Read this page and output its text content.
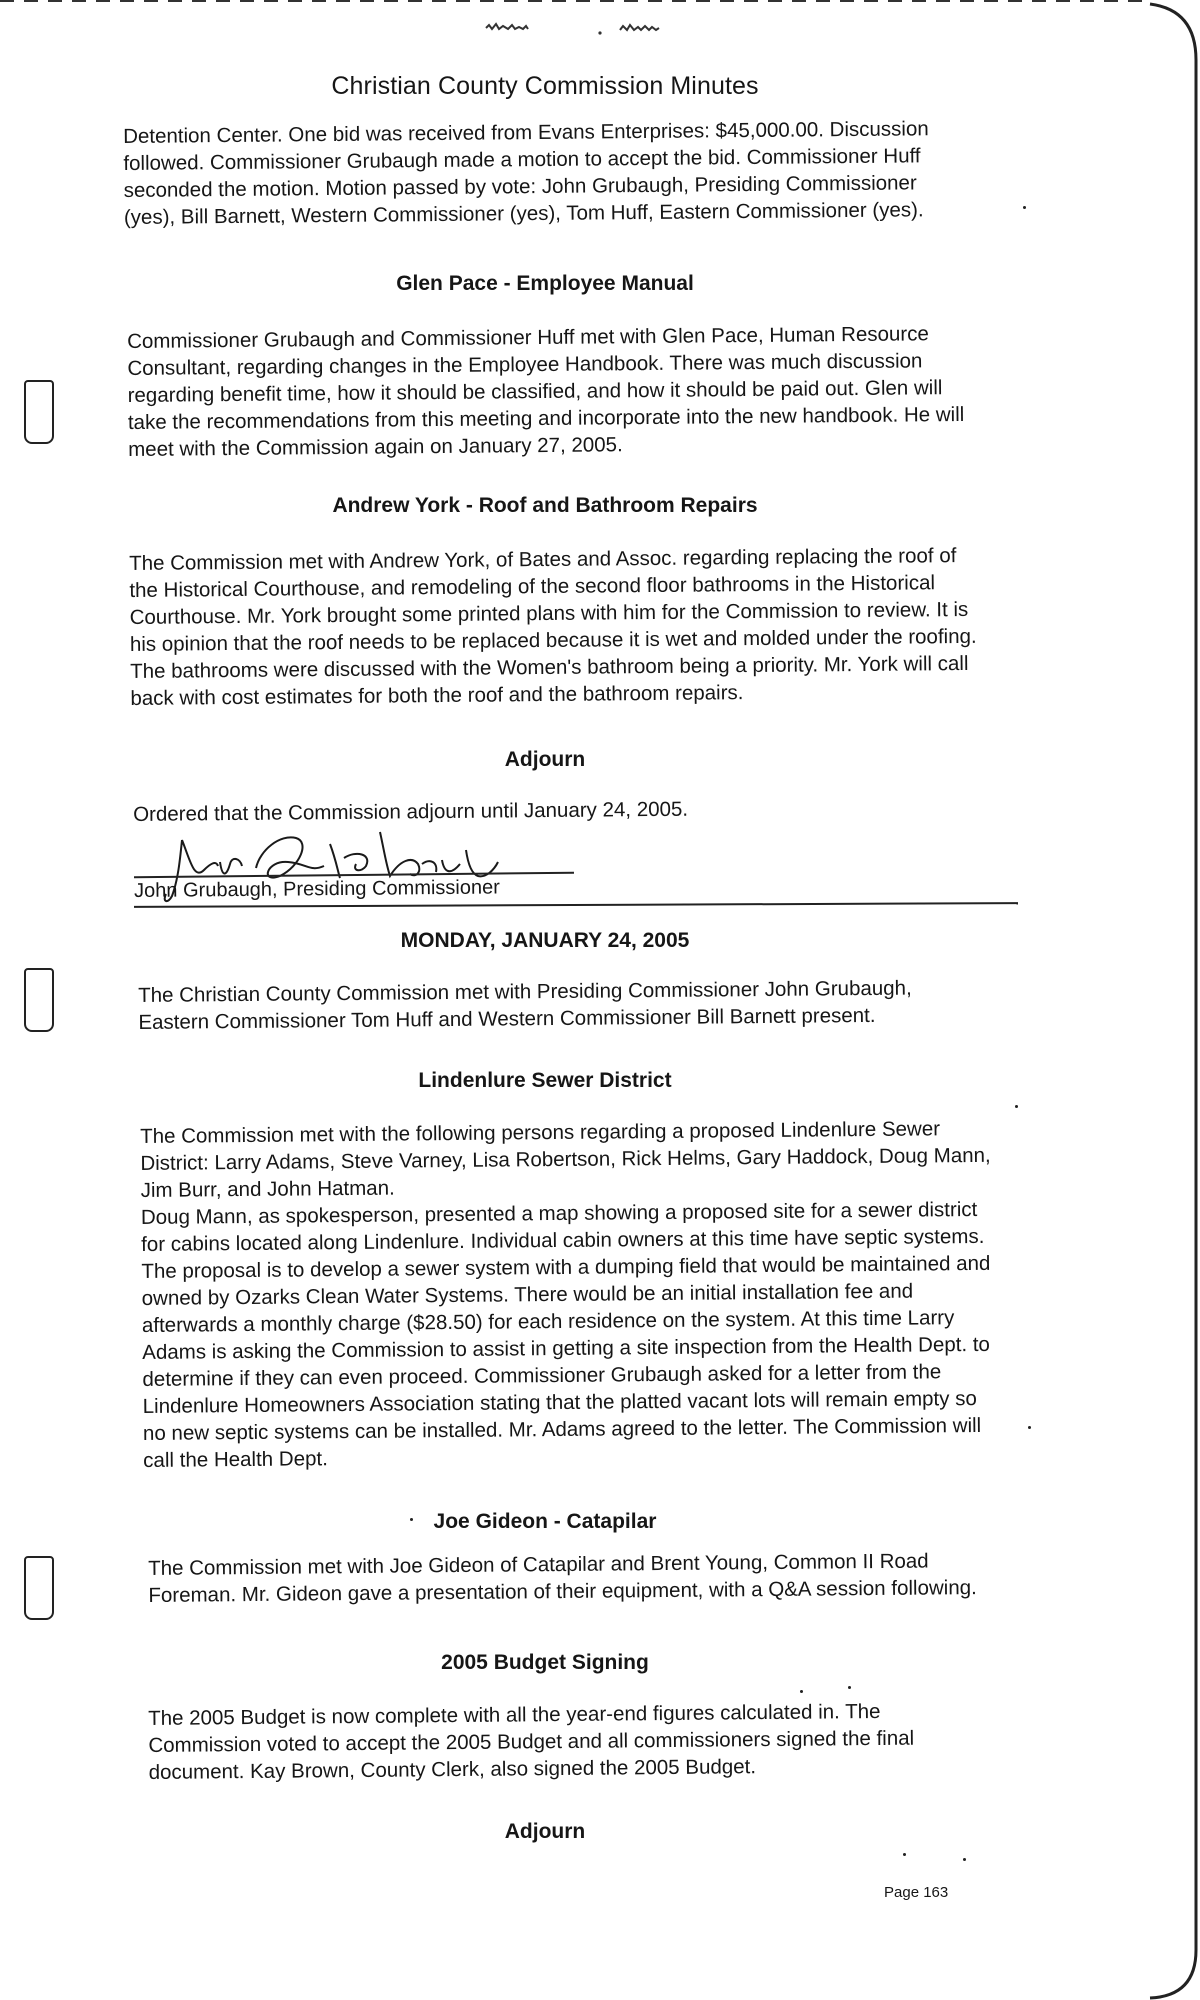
Christian County Commission Minutes

Detention Center. One bid was received from Evans Enterprises: $45,000.00. Discussion followed. Commissioner Grubaugh made a motion to accept the bid. Commissioner Huff seconded the motion. Motion passed by vote: John Grubaugh, Presiding Commissioner (yes), Bill Barnett, Western Commissioner (yes), Tom Huff, Eastern Commissioner (yes).

Glen Pace - Employee Manual

Commissioner Grubaugh and Commissioner Huff met with Glen Pace, Human Resource Consultant, regarding changes in the Employee Handbook. There was much discussion regarding benefit time, how it should be classified, and how it should be paid out. Glen will take the recommendations from this meeting and incorporate into the new handbook. He will meet with the Commission again on January 27, 2005.

Andrew York - Roof and Bathroom Repairs

The Commission met with Andrew York, of Bates and Assoc. regarding replacing the roof of the Historical Courthouse, and remodeling of the second floor bathrooms in the Historical Courthouse. Mr. York brought some printed plans with him for the Commission to review. It is his opinion that the roof needs to be replaced because it is wet and molded under the roofing. The bathrooms were discussed with the Women's bathroom being a priority. Mr. York will call back with cost estimates for both the roof and the bathroom repairs.

Adjourn

Ordered that the Commission adjourn until January 24, 2005.

John Grubaugh, Presiding Commissioner

MONDAY, JANUARY 24, 2005

The Christian County Commission met with Presiding Commissioner John Grubaugh, Eastern Commissioner Tom Huff and Western Commissioner Bill Barnett present.

Lindenlure Sewer District

The Commission met with the following persons regarding a proposed Lindenlure Sewer District: Larry Adams, Steve Varney, Lisa Robertson, Rick Helms, Gary Haddock, Doug Mann, Jim Burr, and John Hatman.

Doug Mann, as spokesperson, presented a map showing a proposed site for a sewer district for cabins located along Lindenlure. Individual cabin owners at this time have septic systems. The proposal is to develop a sewer system with a dumping field that would be maintained and owned by Ozarks Clean Water Systems. There would be an initial installation fee and afterwards a monthly charge ($28.50) for each residence on the system. At this time Larry Adams is asking the Commission to assist in getting a site inspection from the Health Dept. to determine if they can even proceed. Commissioner Grubaugh asked for a letter from the Lindenlure Homeowners Association stating that the platted vacant lots will remain empty so no new septic systems can be installed. Mr. Adams agreed to the letter. The Commission will call the Health Dept.

Joe Gideon - Catapilar

The Commission met with Joe Gideon of Catapilar and Brent Young, Common II Road Foreman. Mr. Gideon gave a presentation of their equipment, with a Q&A session following.

2005 Budget Signing

The 2005 Budget is now complete with all the year-end figures calculated in. The Commission voted to accept the 2005 Budget and all commissioners signed the final document. Kay Brown, County Clerk, also signed the 2005 Budget.

Adjourn
Page 163
